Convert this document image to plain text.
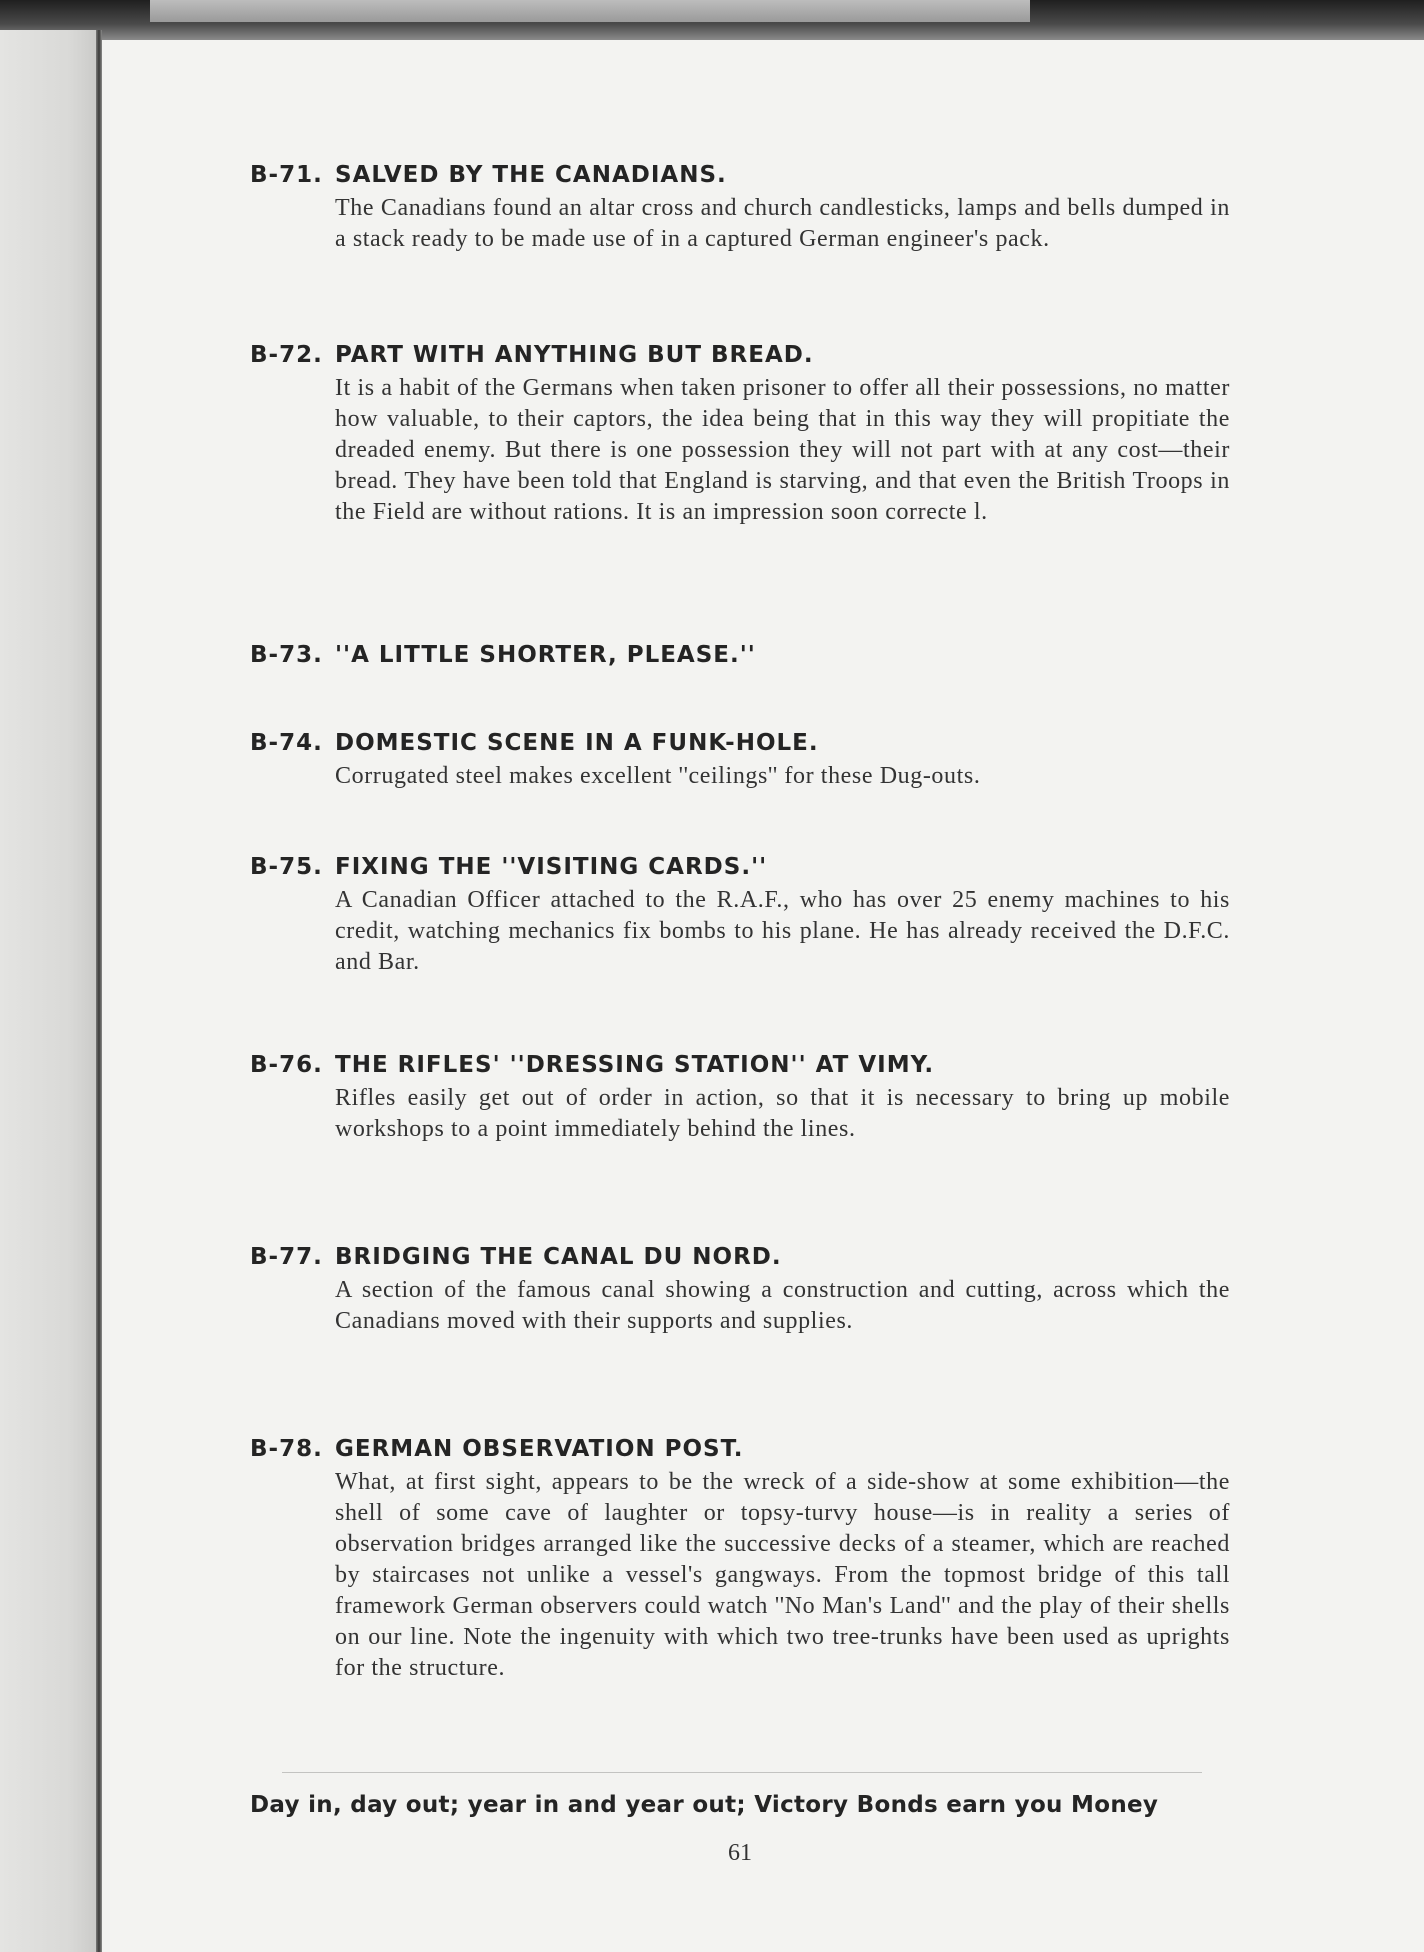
B-71. SALVED BY THE CANADIANS.
The Canadians found an altar cross and church candlesticks, lamps and bells dumped in a stack ready to be made use of in a captured German engineer's pack.
B-72. PART WITH ANYTHING BUT BREAD.
It is a habit of the Germans when taken prisoner to offer all their possessions, no matter how valuable, to their captors, the idea being that in this way they will propitiate the dreaded enemy. But there is one possession they will not part with at any cost—their bread. They have been told that England is starving, and that even the British Troops in the Field are without rations. It is an impression soon correcte l.
B-73. ''A LITTLE SHORTER, PLEASE.''
B-74. DOMESTIC SCENE IN A FUNK-HOLE.
Corrugated steel makes excellent ''ceilings'' for these Dug-outs.
B-75. FIXING THE ''VISITING CARDS.''
A Canadian Officer attached to the R.A.F., who has over 25 enemy machines to his credit, watching mechanics fix bombs to his plane. He has already received the D.F.C. and Bar.
B-76. THE RIFLES' ''DRESSING STATION'' AT VIMY.
Rifles easily get out of order in action, so that it is necessary to bring up mobile workshops to a point immediately behind the lines.
B-77. BRIDGING THE CANAL DU NORD.
A section of the famous canal showing a construction and cutting, across which the Canadians moved with their supports and supplies.
B-78. GERMAN OBSERVATION POST.
What, at first sight, appears to be the wreck of a side-show at some exhibition—the shell of some cave of laughter or topsy-turvy house—is in reality a series of observation bridges arranged like the successive decks of a steamer, which are reached by staircases not unlike a vessel's gangways. From the topmost bridge of this tall framework German observers could watch ''No Man's Land'' and the play of their shells on our line. Note the ingenuity with which two tree-trunks have been used as uprights for the structure.
Day in, day out; year in and year out; Victory Bonds earn you Money
61
